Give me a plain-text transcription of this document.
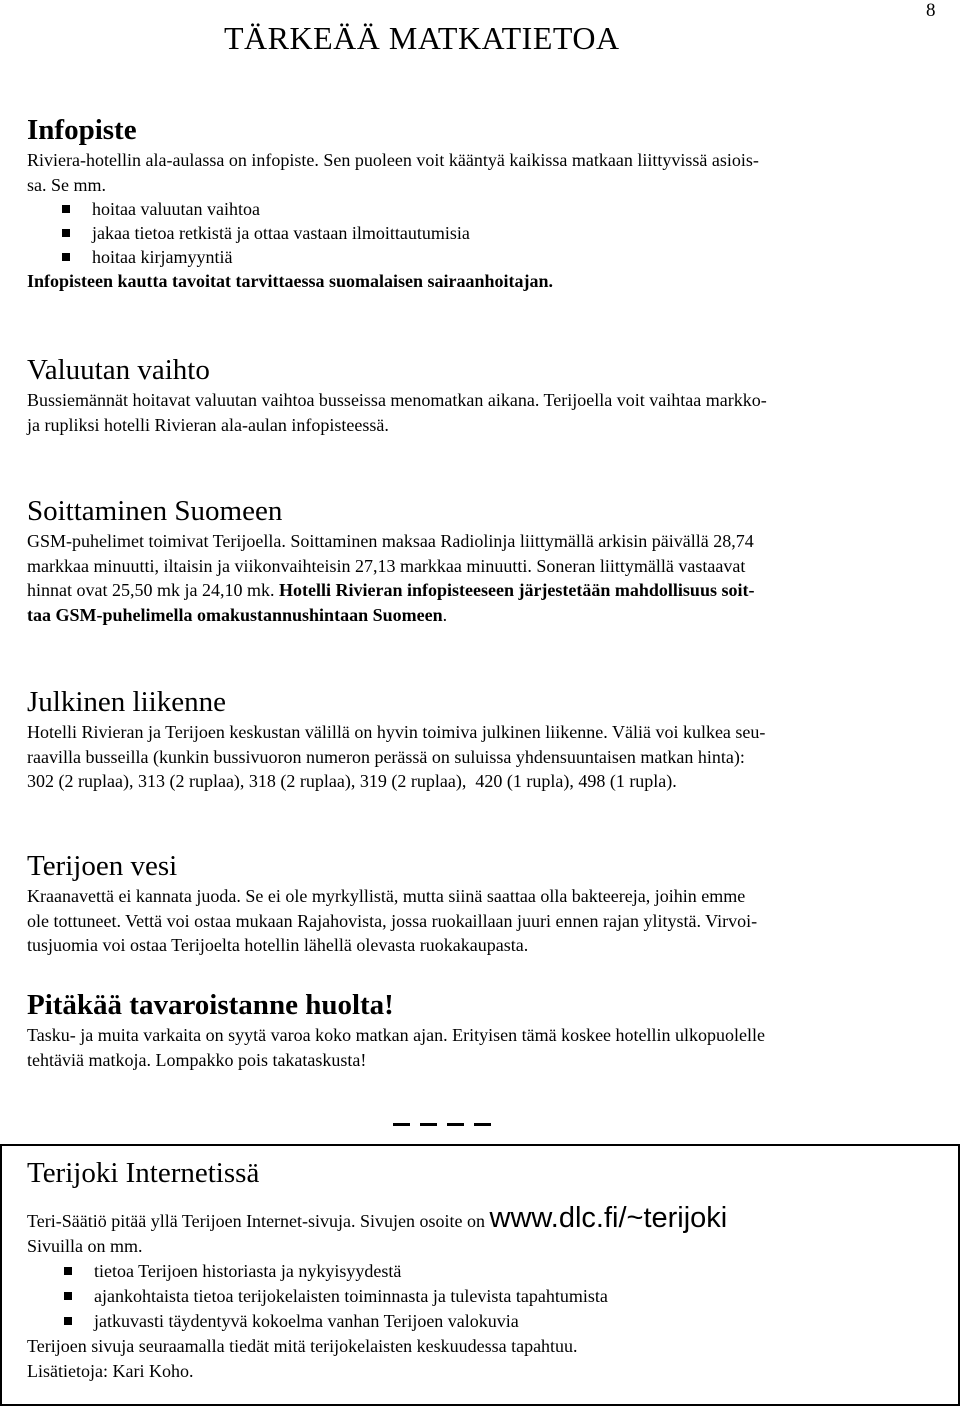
8
TÄRKEÄÄ MATKATIETOA
Infopiste

Riviera-hotellin ala-aulassa on infopiste. Sen puoleen voit kääntyä kaikissa matkaan liittyvissä asiois-

sa. Se mm.

hoitaa valuutan vaihtoa
jakaa tietoa retkistä ja ottaa vastaan ilmoittautumisia
hoitaa kirjamyyntiä

Infopisteen kautta tavoitat tarvittaessa suomalaisen sairaanhoitajan.

Valuutan vaihto

Bussiemännät hoitavat valuutan vaihtoa busseissa menomatkan aikana. Terijoella voit vaihtaa markko-

ja rupliksi hotelli Rivieran ala-aulan infopisteessä.

Soittaminen Suomeen

GSM-puhelimet toimivat Terijoella. Soittaminen maksaa Radiolinja liittymällä arkisin päivällä 28,74

markkaa minuutti, iltaisin ja viikonvaihteisin 27,13 markkaa minuutti. Soneran liittymällä vastaavat

hinnat ovat 25,50 mk ja 24,10 mk. Hotelli Rivieran infopisteeseen järjestetään mahdollisuus soit-

taa GSM-puhelimella omakustannushintaan Suomeen.

Julkinen liikenne

Hotelli Rivieran ja Terijoen keskustan välillä on hyvin toimiva julkinen liikenne. Väliä voi kulkea seu-

raavilla busseilla (kunkin bussivuoron numeron perässä on suluissa yhdensuuntaisen matkan hinta):

302 (2 ruplaa), 313 (2 ruplaa), 318 (2 ruplaa), 319 (2 ruplaa),  420 (1 rupla), 498 (1 rupla).

Terijoen vesi

Kraanavettä ei kannata juoda. Se ei ole myrkyllistä, mutta siinä saattaa olla bakteereja, joihin emme

ole tottuneet. Vettä voi ostaa mukaan Rajahovista, jossa ruokaillaan juuri ennen rajan ylitystä. Virvoi-

tusjuomia voi ostaa Terijoelta hotellin lähellä olevasta ruokakaupasta.

Pitäkää tavaroistanne huolta!

Tasku- ja muita varkaita on syytä varoa koko matkan ajan. Erityisen tämä koskee hotellin ulkopuolelle

tehtäviä matkoja. Lompakko pois takataskusta!

Terijoki Internetissä

Teri-Säätiö pitää yllä Terijoen Internet-sivuja. Sivujen osoite on www.dlc.fi/~terijoki

Sivuilla on mm.

tietoa Terijoen historiasta ja nykyisyydestä
ajankohtaista tietoa terijokelaisten toiminnasta ja tulevista tapahtumista
jatkuvasti täydentyvä kokoelma vanhan Terijoen valokuvia

Terijoen sivuja seuraamalla tiedät mitä terijokelaisten keskuudessa tapahtuu.

Lisätietoja: Kari Koho.
